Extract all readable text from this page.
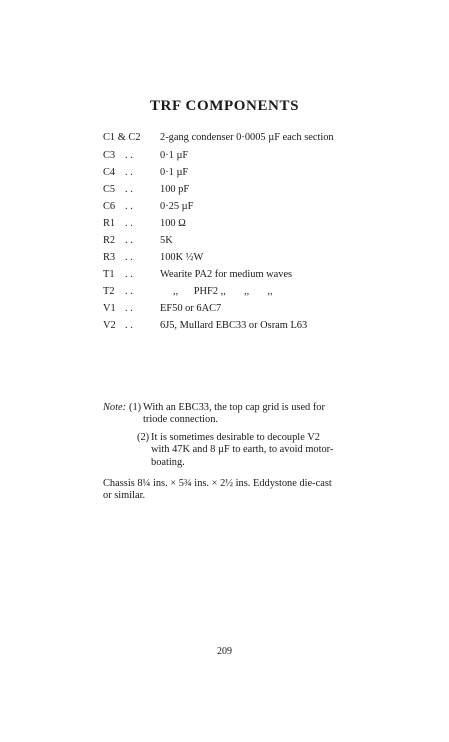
TRF COMPONENTS
C1 & C2	2-gang condenser 0·0005 µF each section
C3 . .	0·1 µF
C4 . .	0·1 µF
C5 . .	100 pF
C6 . .	0·25 µF
R1 . .	100 Ω
R2 . .	5K
R3 . .	100K ½W
T1	. .	Wearite PA2 for medium waves
T2	. .	,,      PHF2 ,,       ,,       ,,
V1 . .	EF50 or 6AC7
V2 . .	6J5, Mullard EBC33 or Osram L63
Note: (1) With an EBC33, the top cap grid is used for triode connection.
(2) It is sometimes desirable to decouple V2 with 47K and 8 µF to earth, to avoid motor-boating.
Chassis 8¼ ins. × 5¾ ins. × 2½ ins. Eddystone die-cast or similar.
209
